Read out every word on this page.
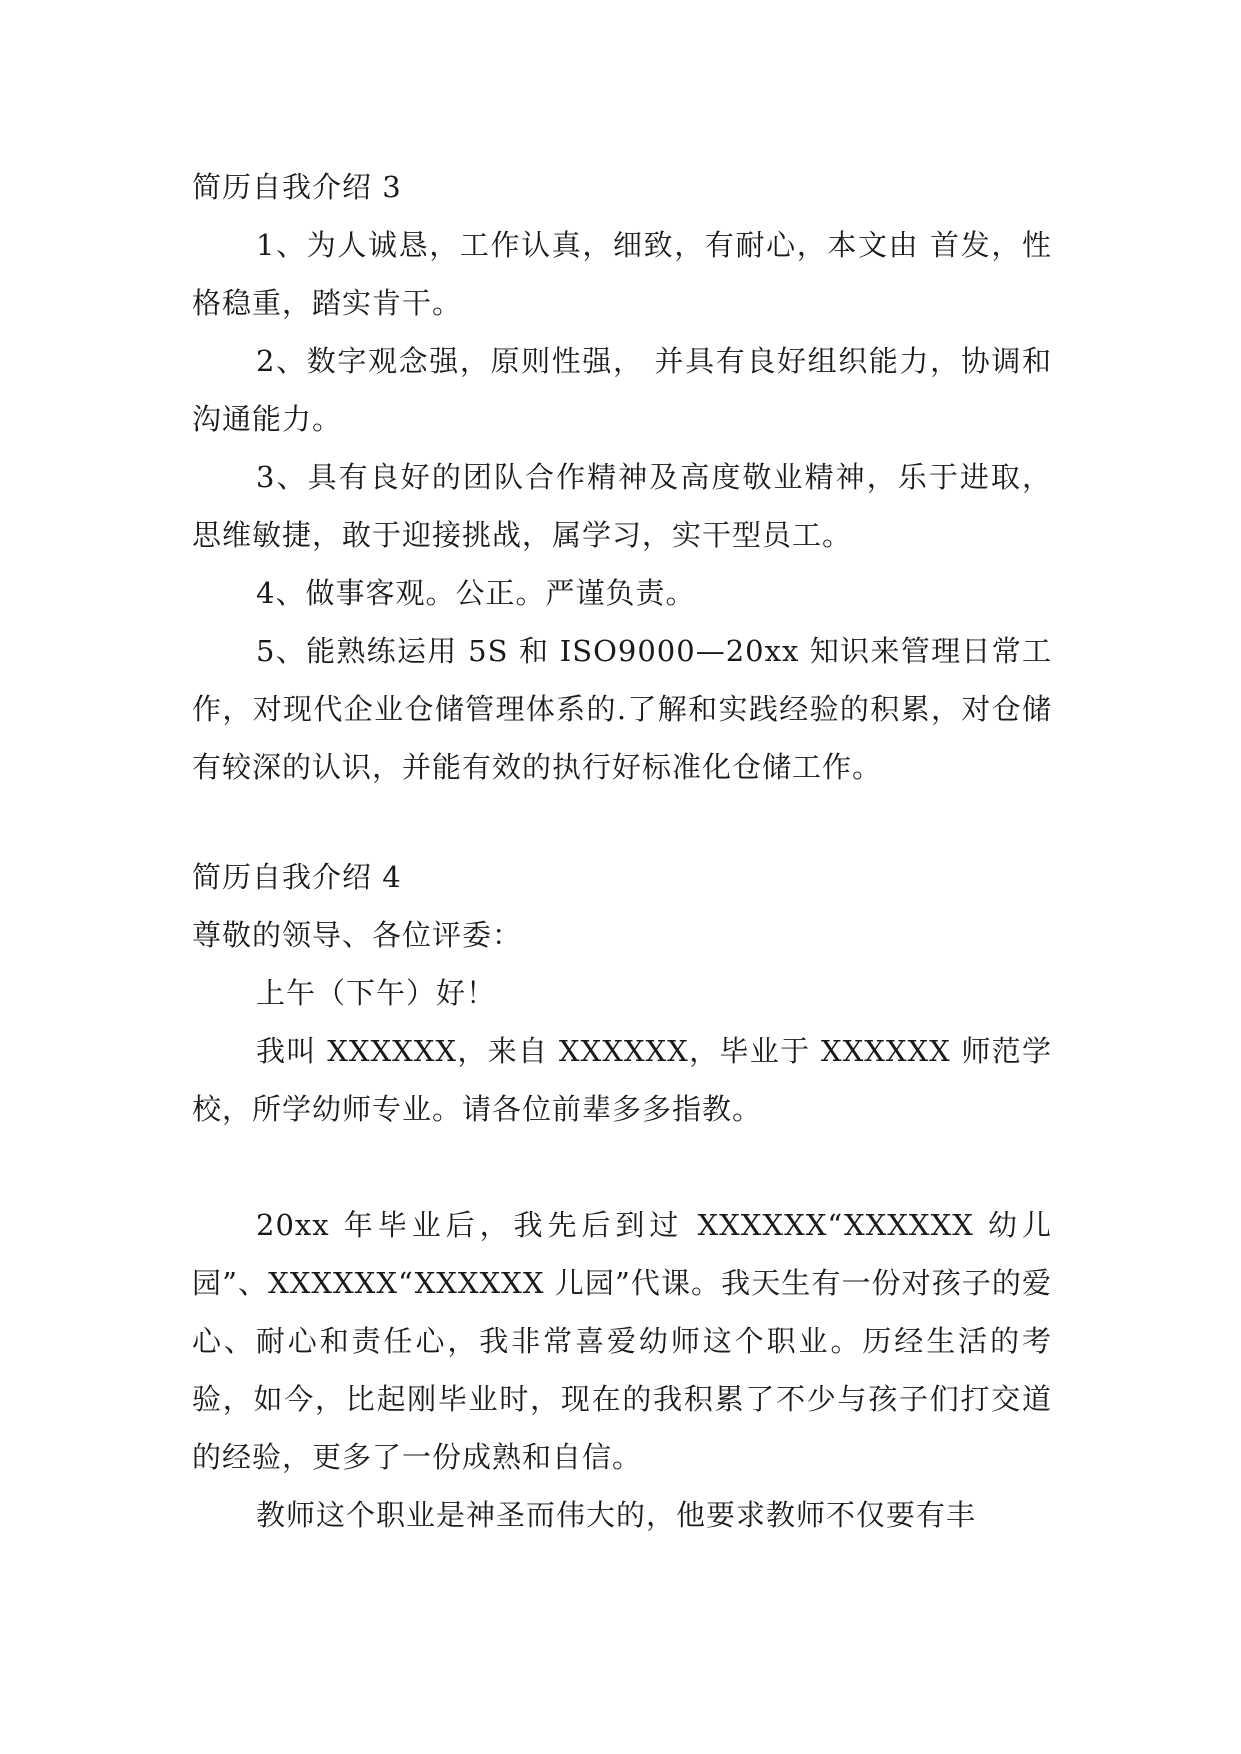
简历自我介绍 3

1、为人诚恳，工作认真，细致，有耐心，本文由 首发，性格稳重，踏实肯干。

2、数字观念强，原则性强， 并具有良好组织能力，协调和沟通能力。

3、具有良好的团队合作精神及高度敬业精神，乐于进取，思维敏捷，敢于迎接挑战，属学习，实干型员工。

4、做事客观。公正。严谨负责。

5、能熟练运用 5S 和 ISO9000—20xx 知识来管理日常工作，对现代企业仓储管理体系的.了解和实践经验的积累，对仓储有较深的认识，并能有效的执行好标准化仓储工作。

简历自我介绍 4

尊敬的领导、各位评委：

上午（下午）好！

我叫 XXXXXX，来自 XXXXXX，毕业于 XXXXXX 师范学校，所学幼师专业。请各位前辈多多指教。

20xx 年毕业后，我先后到过 XXXXXX“XXXXXX 幼儿园”、XXXXXX“XXXXXX 儿园”代课。我天生有一份对孩子的爱心、耐心和责任心，我非常喜爱幼师这个职业。历经生活的考验，如今，比起刚毕业时，现在的我积累了不少与孩子们打交道的经验，更多了一份成熟和自信。

教师这个职业是神圣而伟大的，他要求教师不仅要有丰
